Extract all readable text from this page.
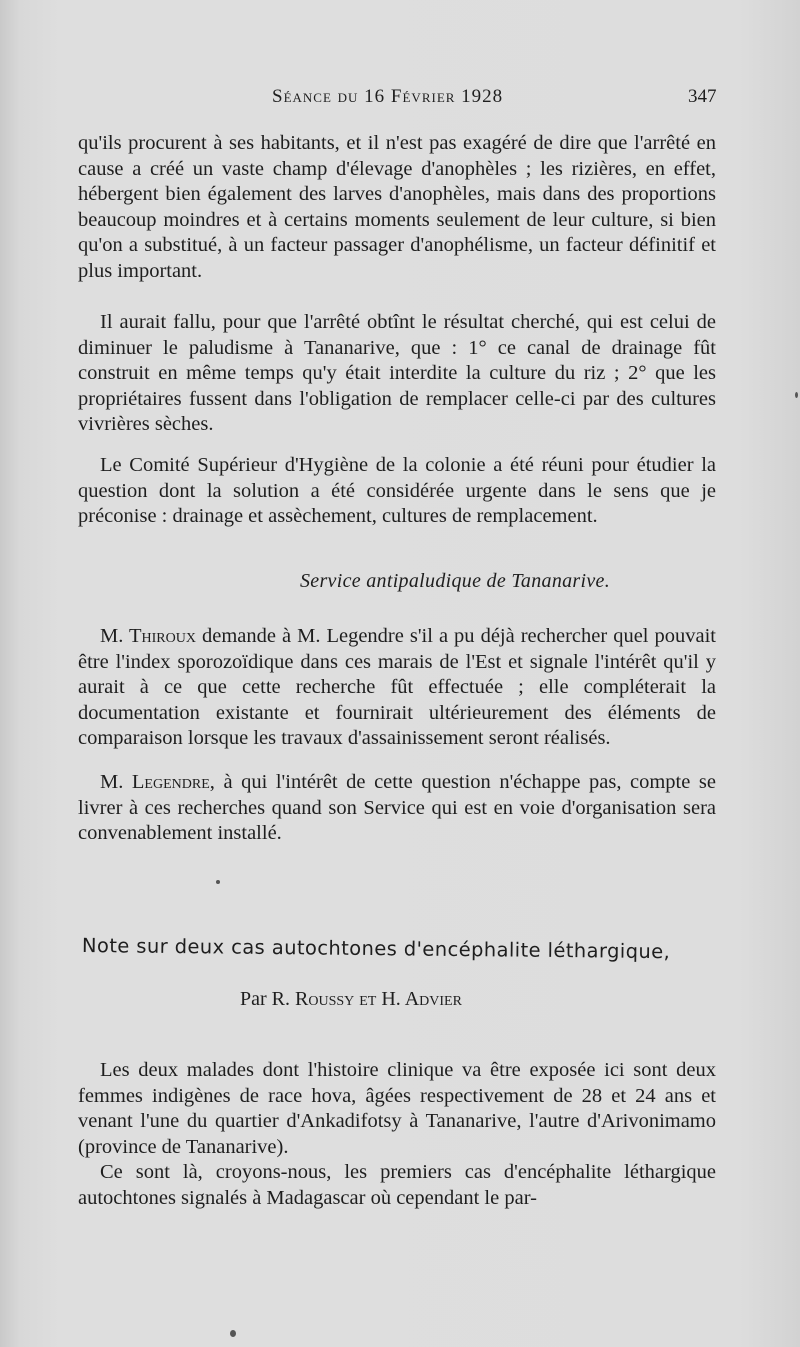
Séance du 16 Février 1928	347

qu'ils procurent à ses habitants, et il n'est pas exagéré de dire que l'arrêté en cause a créé un vaste champ d'élevage d'anophèles ; les rizières, en effet, hébergent bien également des larves d'anophèles, mais dans des proportions beaucoup moindres et à certains moments seulement de leur culture, si bien qu'on a substitué, à un facteur passager d'anophélisme, un facteur définitif et plus important.

Il aurait fallu, pour que l'arrêté obtînt le résultat cherché, qui est celui de diminuer le paludisme à Tananarive, que : 1° ce canal de drainage fût construit en même temps qu'y était interdite la culture du riz ; 2° que les propriétaires fussent dans l'obligation de remplacer celle-ci par des cultures vivrières sèches.

Le Comité Supérieur d'Hygiène de la colonie a été réuni pour étudier la question dont la solution a été considérée urgente dans le sens que je préconise : drainage et assèchement, cultures de remplacement.

Service antipaludique de Tananarive.

M. Thiroux demande à M. Legendre s'il a pu déjà rechercher quel pouvait être l'index sporozoïdique dans ces marais de l'Est et signale l'intérêt qu'il y aurait à ce que cette recherche fût effectuée ; elle compléterait la documentation existante et fournirait ultérieurement des éléments de comparaison lorsque les travaux d'assainissement seront réalisés.

M. Legendre, à qui l'intérêt de cette question n'échappe pas, compte se livrer à ces recherches quand son Service qui est en voie d'organisation sera convenablement installé.

Note sur deux cas autochtones d'encéphalite léthargique,
Par R. Roussy et H. Advier

Les deux malades dont l'histoire clinique va être exposée ici sont deux femmes indigènes de race hova, âgées respectivement de 28 et 24 ans et venant l'une du quartier d'Ankadifotsy à Tananarive, l'autre d'Arivonimamo (province de Tananarive).

Ce sont là, croyons-nous, les premiers cas d'encéphalite léthargique autochtones signalés à Madagascar où cependant le par-
